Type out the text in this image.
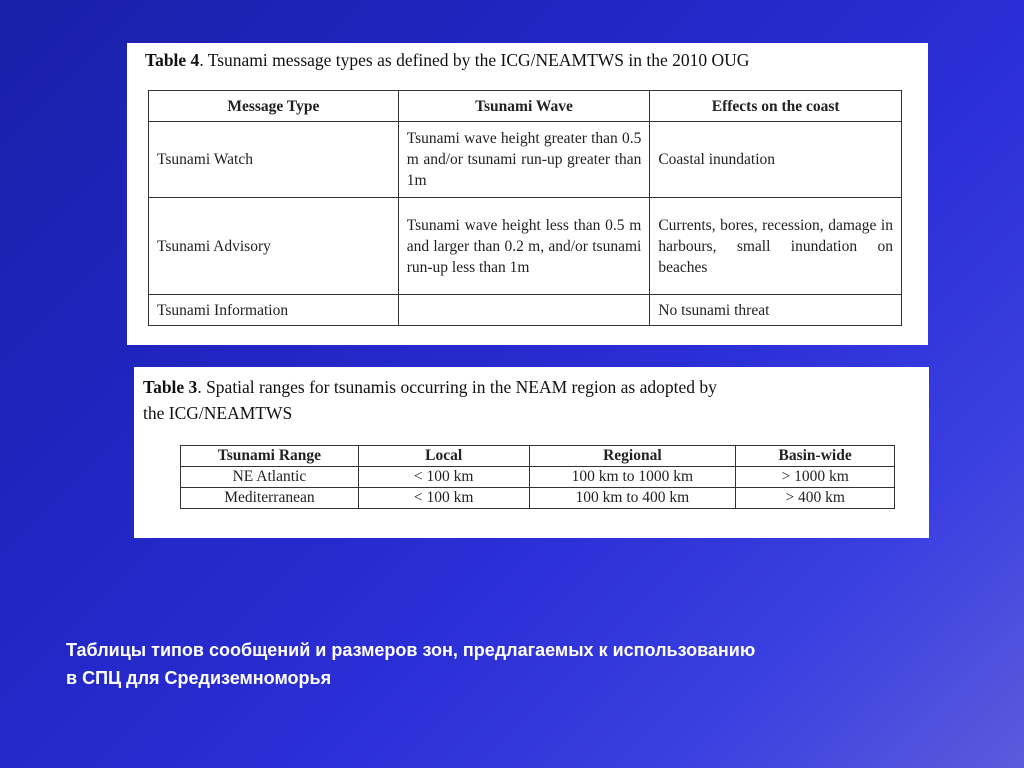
Table 4. Tsunami message types as defined by the ICG/NEAMTWS in the 2010 OUG
Message Type	Tsunami Wave	Effects on the coast
Tsunami Watch	Tsunami wave height greater than 0.5 m and/or tsunami run-up greater than 1m	Coastal inundation
Tsunami Advisory	Tsunami wave height less than 0.5 m and larger than 0.2 m, and/or tsunami run-up less than 1m	Currents, bores, recession, damage in harbours, small inundation on beaches
Tsunami Information		No tsunami threat
Table 3. Spatial ranges for tsunamis occurring in the NEAM region as adopted by
the ICG/NEAMTWS
Tsunami Range	Local	Regional	Basin-wide
NE Atlantic	< 100 km	100 km to 1000 km	> 1000 km
Mediterranean	< 100 km	100 km to 400 km	> 400 km
Таблицы типов сообщений и размеров зон, предлагаемых к использованию
в СПЦ для Средиземноморья
